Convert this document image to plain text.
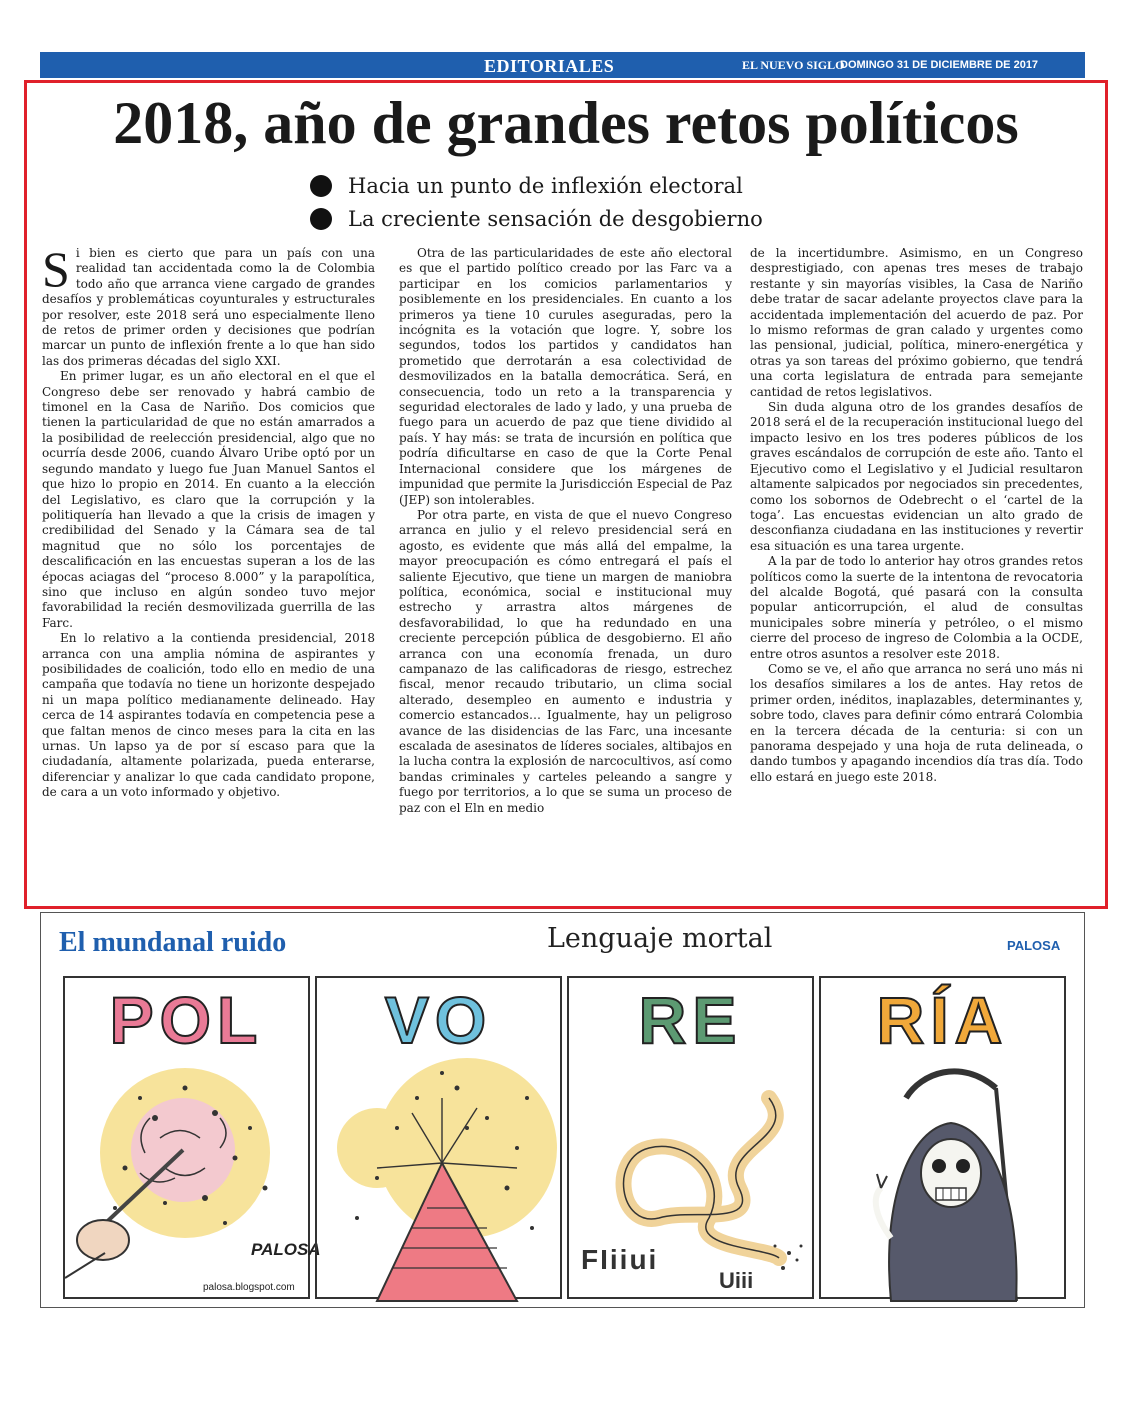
EDITORIALES	EL NUEVO SIGLO
DOMINGO 31 DE DICIEMBRE DE 2017	3
2018, año de grandes retos políticos
Hacia un punto de inflexión electoral
La creciente sensación de desgobierno

Si bien es cierto que para un país con una realidad tan accidentada como la de Colombia todo año que arranca viene cargado de grandes desafíos y problemáticas coyunturales y estructurales por resolver, este 2018 será uno especialmente lleno de retos de primer orden y decisiones que podrían marcar un punto de inflexión frente a lo que han sido las dos primeras décadas del siglo XXI.

En primer lugar, es un año electoral en el que el Congreso debe ser renovado y habrá cambio de timonel en la Casa de Nariño. Dos comicios que tienen la particularidad de que no están amarrados a la posibilidad de reelección presidencial, algo que no ocurría desde 2006, cuando Álvaro Uribe optó por un segundo mandato y luego fue Juan Manuel Santos el que hizo lo propio en 2014. En cuanto a la elección del Legislativo, es claro que la corrupción y la politiquería han llevado a que la crisis de imagen y credibilidad del Senado y la Cámara sea de tal magnitud que no sólo los porcentajes de descalificación en las encuestas superan a los de las épocas aciagas del “proceso 8.000” y la parapolítica, sino que incluso en algún sondeo tuvo mejor favorabilidad la recién desmovilizada guerrilla de las Farc.

En lo relativo a la contienda presidencial, 2018 arranca con una amplia nómina de aspirantes y posibilidades de coalición, todo ello en medio de una campaña que todavía no tiene un horizonte despejado ni un mapa político medianamente delineado. Hay cerca de 14 aspirantes todavía en competencia pese a que faltan menos de cinco meses para la cita en las urnas. Un lapso ya de por sí escaso para que la ciudadanía, altamente polarizada, pueda enterarse, diferenciar y analizar lo que cada candidato propone, de cara a un voto informado y objetivo.

Otra de las particularidades de este año electoral es que el partido político creado por las Farc va a participar en los comicios parlamentarios y posiblemente en los presidenciales. En cuanto a los primeros ya tiene 10 curules aseguradas, pero la incógnita es la votación que logre. Y, sobre los segundos, todos los partidos y candidatos han prometido que derrotarán a esa colectividad de desmovilizados en la batalla democrática. Será, en consecuencia, todo un reto a la transparencia y seguridad electorales de lado y lado, y una prueba de fuego para un acuerdo de paz que tiene dividido al país. Y hay más: se trata de incursión en política que podría dificultarse en caso de que la Corte Penal Internacional considere que los márgenes de impunidad que permite la Jurisdicción Especial de Paz (JEP) son intolerables.

Por otra parte, en vista de que el nuevo Congreso arranca en julio y el relevo presidencial será en agosto, es evidente que más allá del empalme, la mayor preocupación es cómo entregará el país el saliente Ejecutivo, que tiene un margen de maniobra política, económica, social e institucional muy estrecho y arrastra altos márgenes de desfavorabilidad, lo que ha redundado en una creciente percepción pública de desgobierno. El año arranca con una economía frenada, un duro campanazo de las calificadoras de riesgo, estrechez fiscal, menor recaudo tributario, un clima social alterado, desempleo en aumento e industria y comercio estancados… Igualmente, hay un peligroso avance de las disidencias de las Farc, una incesante escalada de asesinatos de líderes sociales, altibajos en la lucha contra la explosión de narcocultivos, así como bandas criminales y carteles peleando a sangre y fuego por territorios, a lo que se suma un proceso de paz con el Eln en medio

de la incertidumbre. Asimismo, en un Congreso desprestigiado, con apenas tres meses de trabajo restante y sin mayorías visibles, la Casa de Nariño debe tratar de sacar adelante proyectos clave para la accidentada implementación del acuerdo de paz. Por lo mismo reformas de gran calado y urgentes como las pensional, judicial, política, minero-energética y otras ya son tareas del próximo gobierno, que tendrá una corta legislatura de entrada para semejante cantidad de retos legislativos.

Sin duda alguna otro de los grandes desafíos de 2018 será el de la recuperación institucional luego del impacto lesivo en los tres poderes públicos de los graves escándalos de corrupción de este año. Tanto el Ejecutivo como el Legislativo y el Judicial resultaron altamente salpicados por negociados sin precedentes, como los sobornos de Odebrecht o el ‘cartel de la toga’. Las encuestas evidencian un alto grado de desconfianza ciudadana en las instituciones y revertir esa situación es una tarea urgente.

A la par de todo lo anterior hay otros grandes retos políticos como la suerte de la intentona de revocatoria del alcalde Bogotá, qué pasará con la consulta popular anticorrupción, el alud de consultas municipales sobre minería y petróleo, o el mismo cierre del proceso de ingreso de Colombia a la OCDE, entre otros asuntos a resolver este 2018.

Como se ve, el año que arranca no será uno más ni los desafíos similares a los de antes. Hay retos de primer orden, inéditos, inaplazables, determinantes y, sobre todo, claves para definir cómo entrará Colombia en la tercera década de la centuria: si con un panorama despejado y una hoja de ruta delineada, o dando tumbos y apagando incendios día tras día. Todo ello estará en juego este 2018.

El mundanal ruido	Lenguaje mortal	PALOSA
POL
PALOSA
palosa.blogspot.com
VO	RE
FIiiui
Uiii
RÍA
